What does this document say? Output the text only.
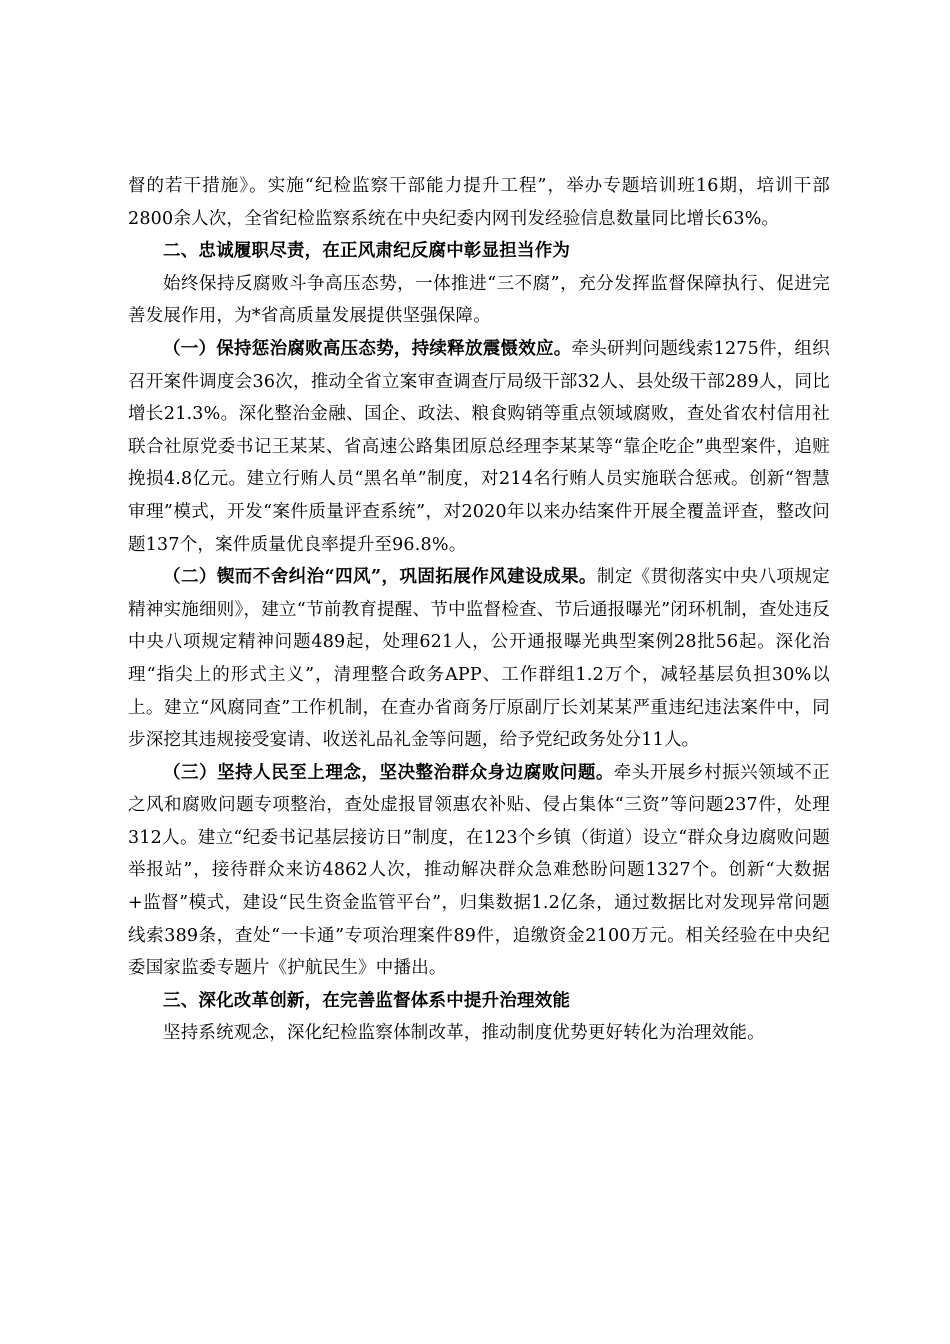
督的若干措施》。实施“纪检监察干部能力提升工程”，举办专题培训班16期，培训干部2800余人次，全省纪检监察系统在中央纪委内网刊发经验信息数量同比增长63%。

二、忠诚履职尽责，在正风肃纪反腐中彰显担当作为

始终保持反腐败斗争高压态势，一体推进“三不腐”，充分发挥监督保障执行、促进完善发展作用，为*省高质量发展提供坚强保障。

（一）保持惩治腐败高压态势，持续释放震慑效应。牵头研判问题线索1275件，组织召开案件调度会36次，推动全省立案审查调查厅局级干部32人、县处级干部289人，同比增长21.3%。深化整治金融、国企、政法、粮食购销等重点领域腐败，查处省农村信用社联合社原党委书记王某某、省高速公路集团原总经理李某某等“靠企吃企”典型案件，追赃挽损4.8亿元。建立行贿人员“黑名单”制度，对214名行贿人员实施联合惩戒。创新“智慧审理”模式，开发“案件质量评查系统”，对2020年以来办结案件开展全覆盖评查，整改问题137个，案件质量优良率提升至96.8%。

（二）锲而不舍纠治“四风”，巩固拓展作风建设成果。制定《贯彻落实中央八项规定精神实施细则》，建立“节前教育提醒、节中监督检查、节后通报曝光”闭环机制，查处违反中央八项规定精神问题489起，处理621人，公开通报曝光典型案例28批56起。深化治理“指尖上的形式主义”，清理整合政务APP、工作群组1.2万个，减轻基层负担30%以上。建立“风腐同查”工作机制，在查办省商务厅原副厅长刘某某严重违纪违法案件中，同步深挖其违规接受宴请、收送礼品礼金等问题，给予党纪政务处分11人。

（三）坚持人民至上理念，坚决整治群众身边腐败问题。牵头开展乡村振兴领域不正之风和腐败问题专项整治，查处虚报冒领惠农补贴、侵占集体“三资”等问题237件，处理312人。建立“纪委书记基层接访日”制度，在123个乡镇（街道）设立“群众身边腐败问题举报站”，接待群众来访4862人次，推动解决群众急难愁盼问题1327个。创新“大数据+监督”模式，建设“民生资金监管平台”，归集数据1.2亿条，通过数据比对发现异常问题线索389条，查处“一卡通”专项治理案件89件，追缴资金2100万元。相关经验在中央纪委国家监委专题片《护航民生》中播出。

三、深化改革创新，在完善监督体系中提升治理效能

坚持系统观念，深化纪检监察体制改革，推动制度优势更好转化为治理效能。
